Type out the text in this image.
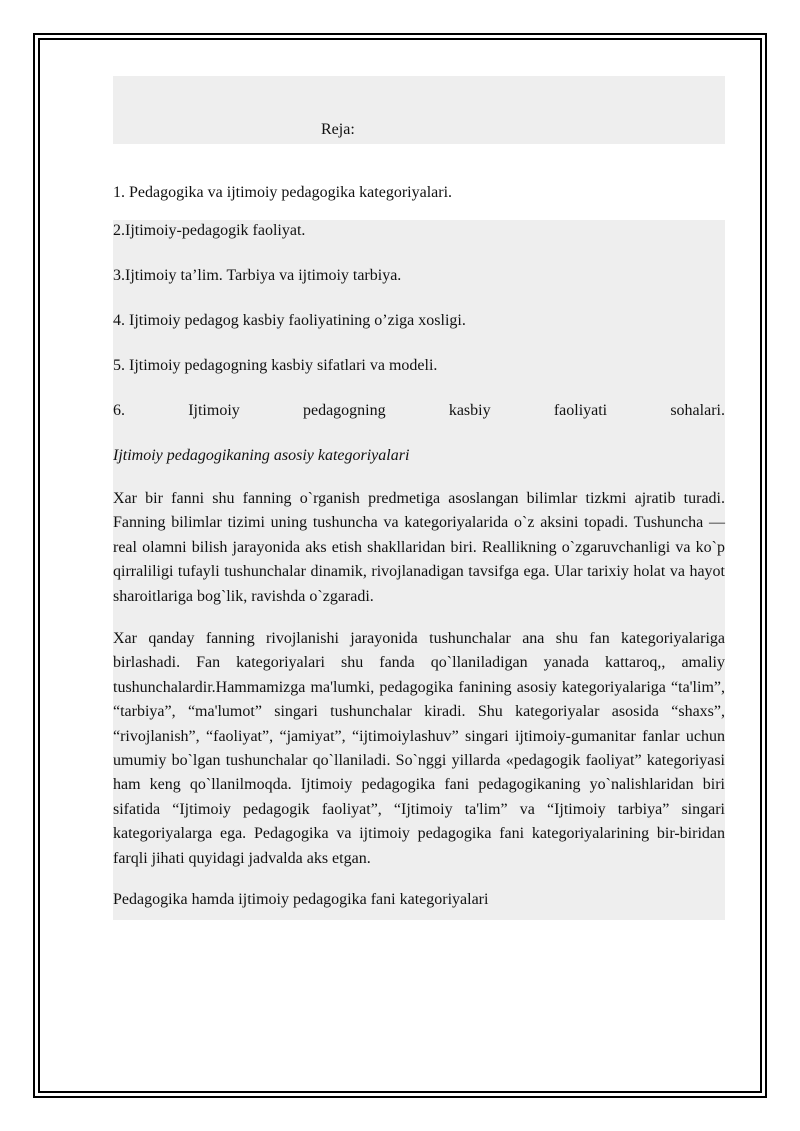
Reja:
1. Pedagogika va ijtimoiy pedagogika kategoriyalari.
2.Ijtimoiy-pedagogik faoliyat.
3.Ijtimoiy ta’lim. Tarbiya va ijtimoiy tarbiya.
4. Ijtimoiy pedagog kasbiy faoliyatining o’ziga xosligi.
5. Ijtimoiy pedagogning kasbiy sifatlari va modeli.
6.	Ijtimoiy	pedagogning	kasbiy	faoliyati	sohalari.
Ijtimoiy pedagogikaning asosiy kategoriyalari

Xar bir fanni shu fanning o`rganish predmetiga asoslangan bilimlar tizkmi ajratib turadi. Fanning bilimlar tizimi uning tushuncha va kategoriyalarida o`z aksini topadi. Tushuncha — real olamni bilish jarayonida aks etish shakllaridan biri. Reallikning o`zgaruvchanligi va ko`p qirraliligi tufayli tushunchalar dinamik, rivojlanadigan tavsifga ega. Ular tarixiy holat va hayot sharoitlariga bog`lik, ravishda o`zgaradi.

Xar qanday fanning rivojlanishi jarayonida tushunchalar ana shu fan kategoriyalariga birlashadi. Fan kategoriyalari shu fanda qo`llaniladigan yanada kattaroq,, amaliy tushunchalardir.Hammamizga ma'lumki, pedagogika fanining asosiy kategoriyalariga “ta'lim”, “tarbiya”, “ma'lumot” singari tushunchalar kiradi. Shu kategoriyalar asosida “shaxs”, “rivojlanish”, “faoliyat”, “jamiyat”, “ijtimoiylashuv” singari ijtimoiy-gumanitar fanlar uchun umumiy bo`lgan tushunchalar qo`llaniladi. So`nggi yillarda «pedagogik faoliyat” kategoriyasi ham keng qo`llanilmoqda. Ijtimoiy pedagogika fani pedagogikaning yo`nalishlaridan biri sifatida “Ijtimoiy pedagogik faoliyat”, “Ijtimoiy ta'lim” va “Ijtimoiy tarbiya” singari kategoriyalarga ega. Pedagogika va ijtimoiy pedagogika fani kategoriyalarining bir-biridan farqli jihati quyidagi jadvalda aks etgan.

Pedagogika hamda ijtimoiy pedagogika fani kategoriyalari
